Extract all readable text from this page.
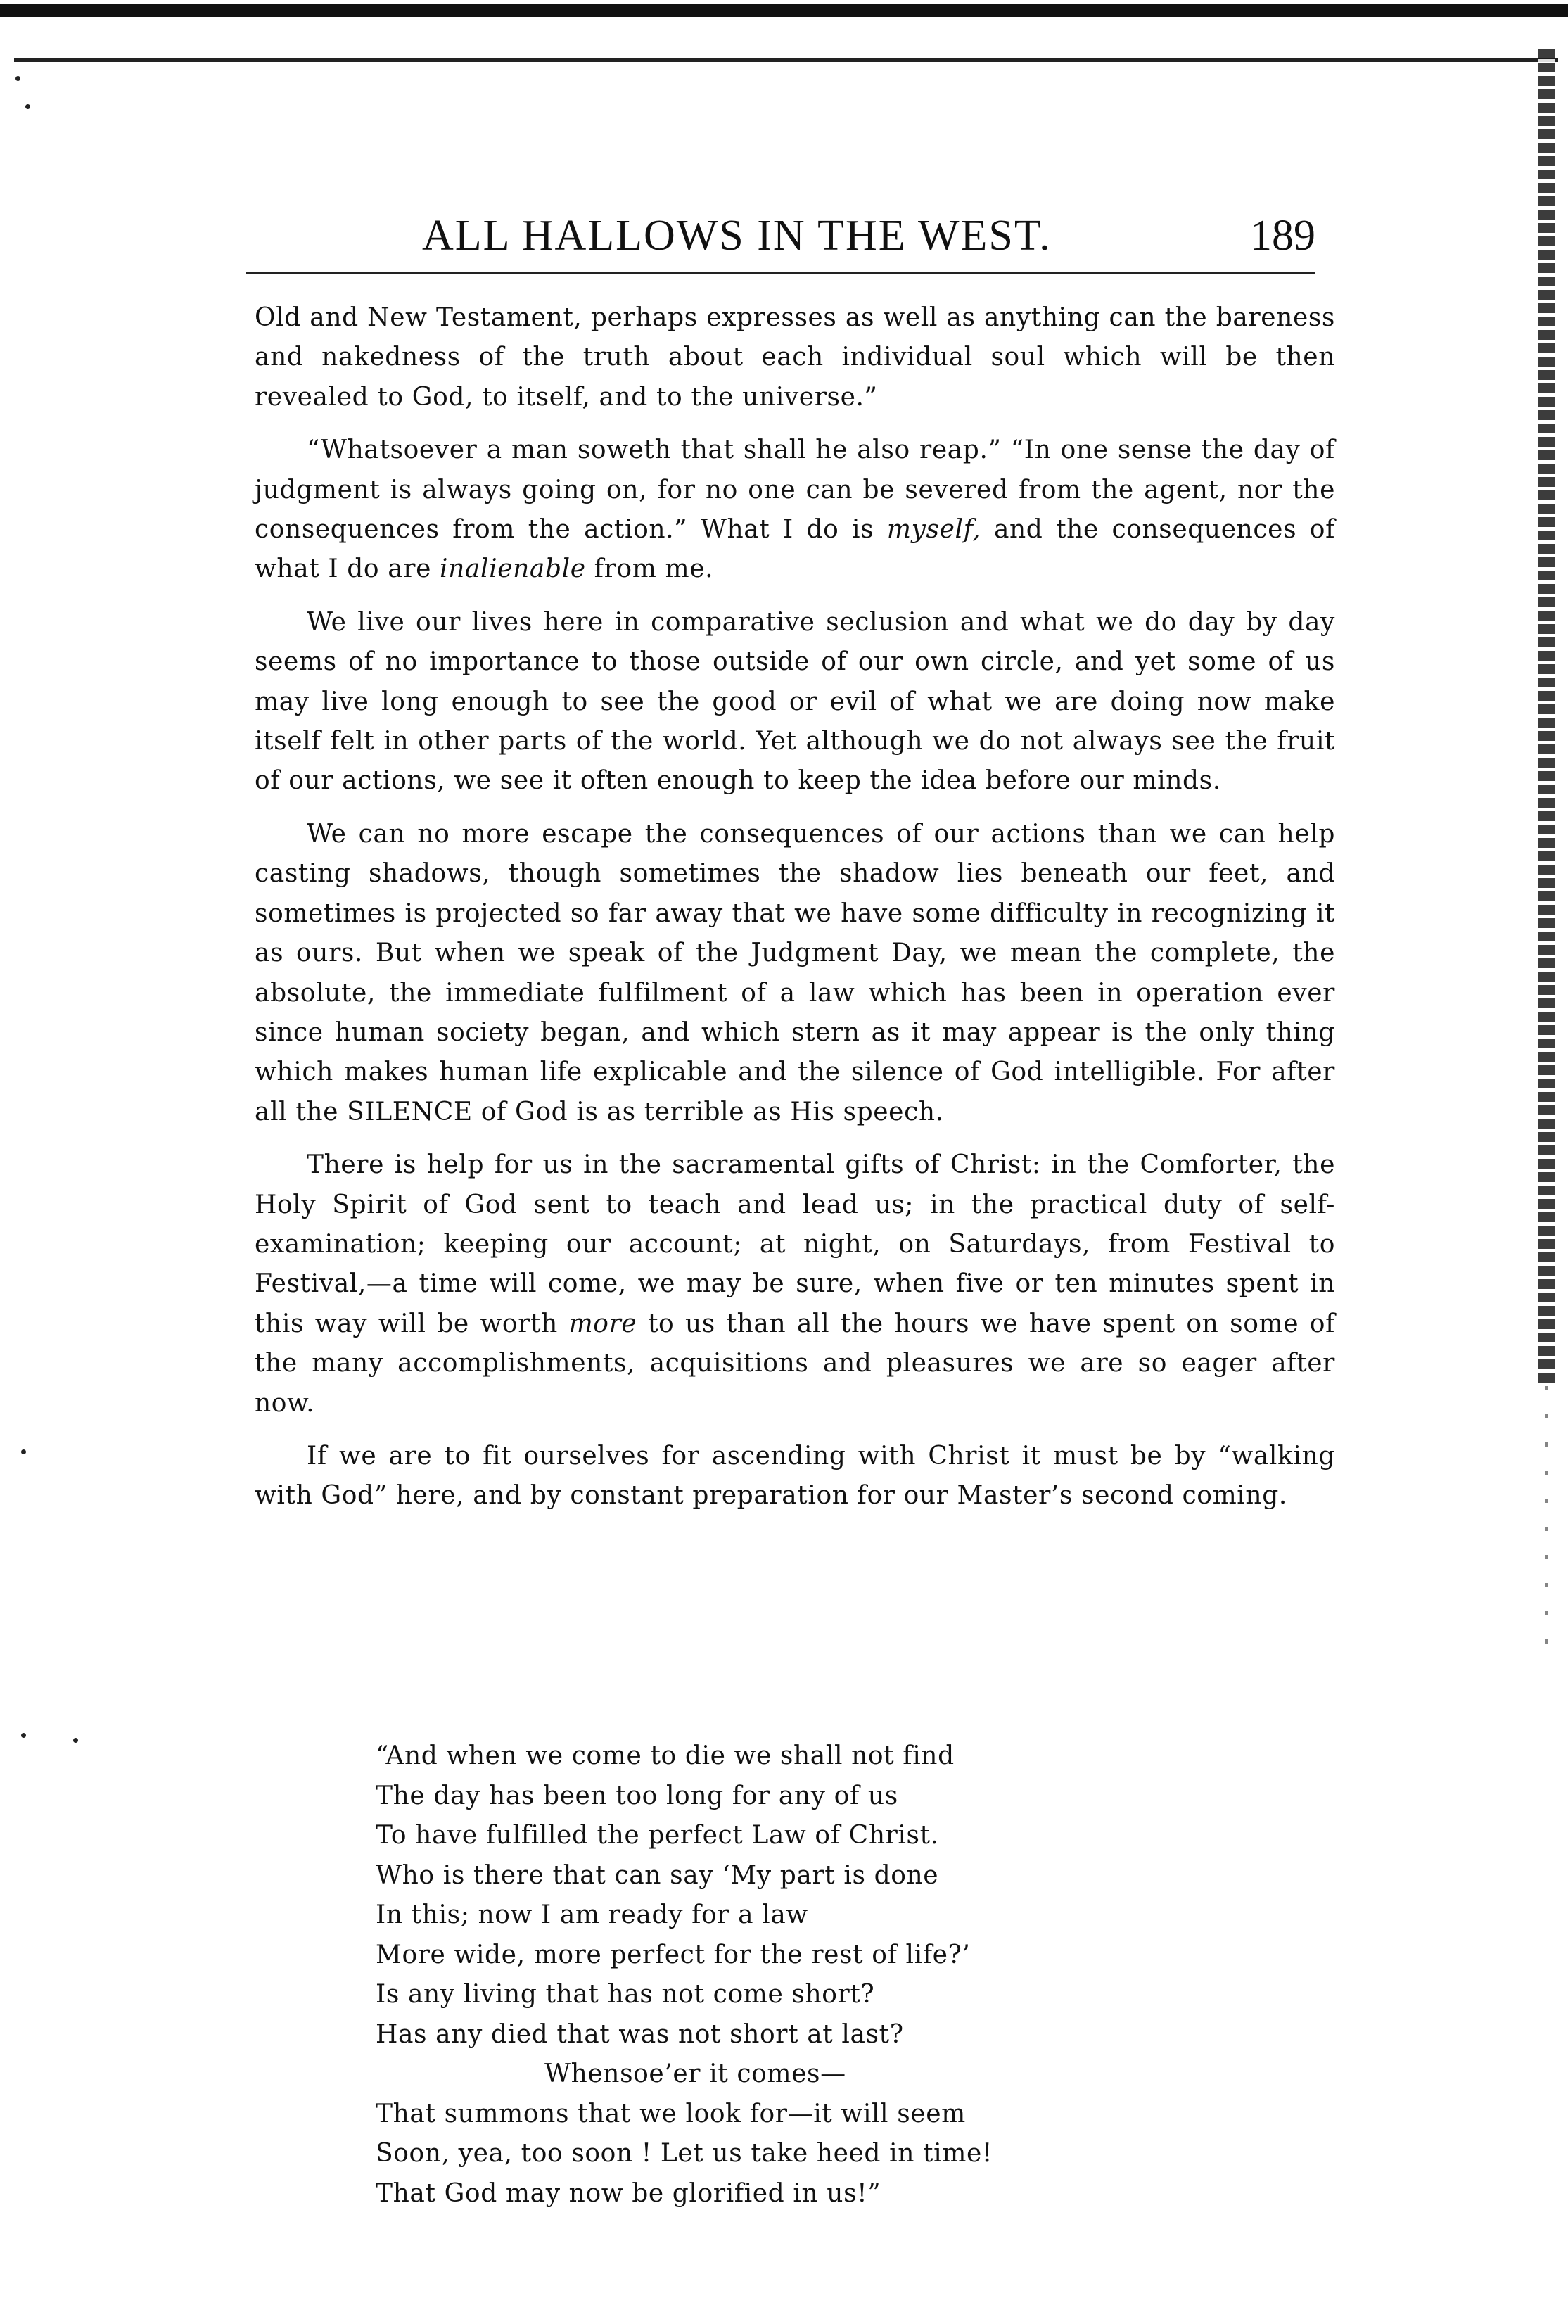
ALL HALLOWS IN THE WEST.	189

Old and New Testament, perhaps expresses as well as anything can the bareness and nakedness of the truth about each individual soul which will be then revealed to God, to itself, and to the universe.”

“Whatsoever a man soweth that shall he also reap.” “In one sense the day of judgment is always going on, for no one can be severed from the agent, nor the consequences from the action.” What I do is myself, and the consequences of what I do are inalienable from me.

We live our lives here in comparative seclusion and what we do day by day seems of no importance to those outside of our own circle, and yet some of us may live long enough to see the good or evil of what we are doing now make itself felt in other parts of the world. Yet although we do not always see the fruit of our actions, we see it often enough to keep the idea before our minds.

We can no more escape the consequences of our actions than we can help casting shadows, though sometimes the shadow lies beneath our feet, and sometimes is projected so far away that we have some difficulty in recognizing it as ours. But when we speak of the Judgment Day, we mean the complete, the absolute, the immediate fulfilment of a law which has been in operation ever since human society began, and which stern as it may appear is the only thing which makes human life explicable and the silence of God intelligible. For after all the SILENCE of God is as terrible as His speech.

There is help for us in the sacramental gifts of Christ: in the Comforter, the Holy Spirit of God sent to teach and lead us; in the practical duty of self-examination; keeping our account; at night, on Saturdays, from Festival to Festival,—a time will come, we may be sure, when five or ten minutes spent in this way will be worth more to us than all the hours we have spent on some of the many accomplishments, acquisitions and pleasures we are so eager after now.

If we are to fit ourselves for ascending with Christ it must be by “walking with God” here, and by constant preparation for our Master’s second coming.

“And when we come to die we shall not find
The day has been too long for any of us
To have fulfilled the perfect Law of Christ.
Who is there that can say ‘My part is done
In this; now I am ready for a law
More wide, more perfect for the rest of life?’
Is any living that has not come short?
Has any died that was not short at last?
Whensoe’er it comes—
That summons that we look for—it will seem
Soon, yea, too soon ! Let us take heed in time!
That God may now be glorified in us!”
